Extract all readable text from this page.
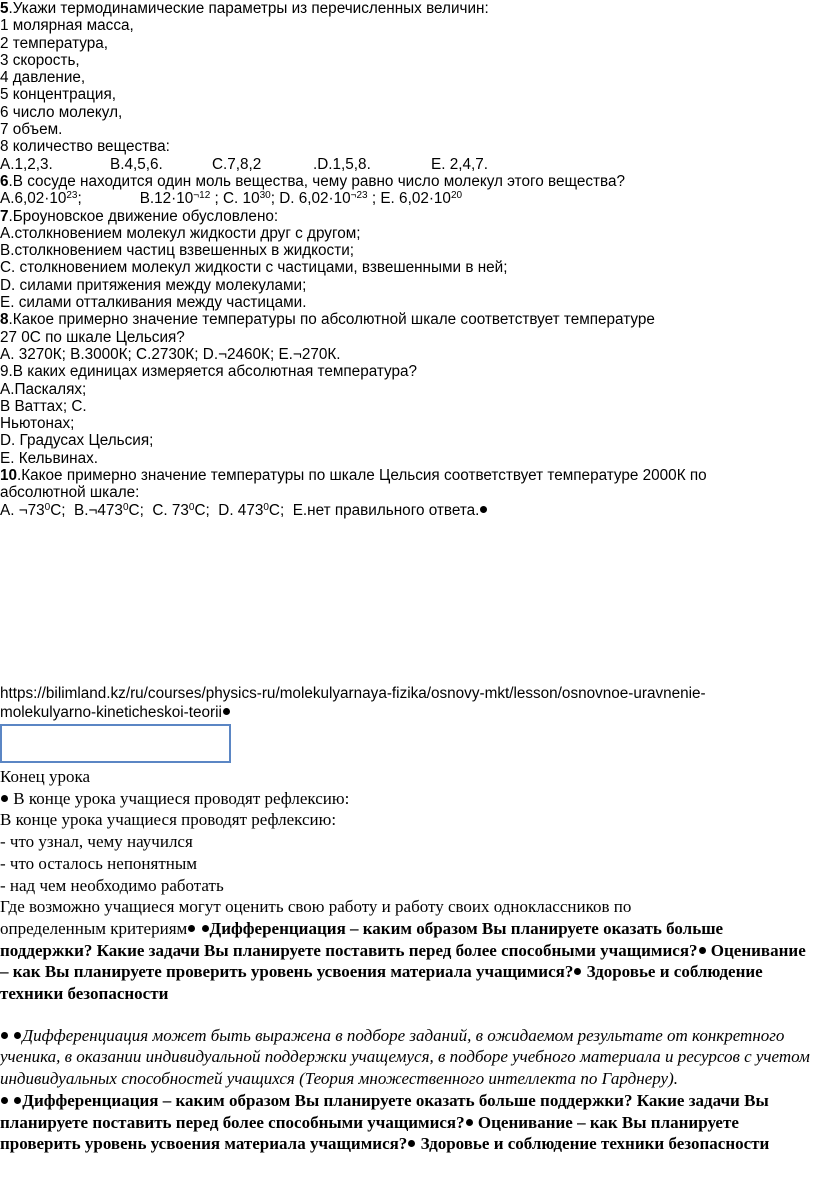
5.Укажи термодинамические параметры из перечисленных величин:
1 молярная масса,
2 температура,
3 скорость,
4 давление,
5 концентрация,
6 число молекул,
7 объем.
8 количество вещества:
А.1,2,3.	В.4,5,6.	С.7,8,2	.D.1,5,8.	Е. 2,4,7.
6.В сосуде находится один моль вещества, чему равно число молекул этого вещества?
$А.6,02\cdot 10^{23}$;	$В.12\cdot 10^{\neg 12}$ ; С. $10^{30}$; D. $6,02\cdot 10^{\neg 23}$ ; Е. $6,02\cdot 10^{20}$
7.Броуновское движение обусловлено:
А.столкновением молекул жидкости друг с другом;
В.столкновением частиц взвешенных в жидкости;
С. столкновением молекул жидкости с частицами, взвешенными в ней;
D. силами притяжения между молекулами;
Е. силами отталкивания между частицами.
8.Какое примерно значение температуры по абсолютной шкале соответствует температуре
27 0С по шкале Цельсия?
А. 3270К; В.3000К; С.2730К; D.¬2460К; Е.¬270К.
9.В каких единицах измеряется абсолютная температура?
А.Паскалях;
В Ваттах; С.
Ньютонах;
D. Градусах Цельсия;
Е. Кельвинах.
10.Какое примерно значение температуры по шкале Цельсия соответствует температуре 2000К по
абсолютной шкале:
А. $\neg 73^0С$; $В.\neg 473^0С$; С. $73^0С$; D. $473^0С$; Е.нет правильного ответа.
https://bilimland.kz/ru/courses/physics-ru/molekulyarnaya-fizika/osnovy-mkt/lesson/osnovnoe-uravnenie-
molekulyarno-kineticheskoi-teorii
Конец урока
В конце урока учащиеся проводят рефлексию:
В конце урока учащиеся проводят рефлексию:
- что узнал, чему научился
- что осталось непонятным
- над чем необходимо работать
Где возможно учащиеся могут оценить свою работу и работу своих одноклассников по
определенным критериям Дифференциация – каким образом Вы планируете оказать больше поддержки? Какие задачи Вы планируете поставить перед более способными учащимися? Оценивание – как Вы планируете проверить уровень усвоения материала учащимися? Здоровье и соблюдение техники безопасности
Дифференциация может быть выражена в подборе заданий, в ожидаемом результате от конкретного ученика, в оказании индивидуальной поддержки учащемуся, в подборе учебного материала и ресурсов с учетом индивидуальных способностей учащихся (Теория множественного интеллекта по Гарднеру).
Дифференциация – каким образом Вы планируете оказать больше поддержки? Какие задачи Вы планируете поставить перед более способными учащимися? Оценивание – как Вы планируете проверить уровень усвоения материала учащимися? Здоровье и соблюдение техники безопасности
